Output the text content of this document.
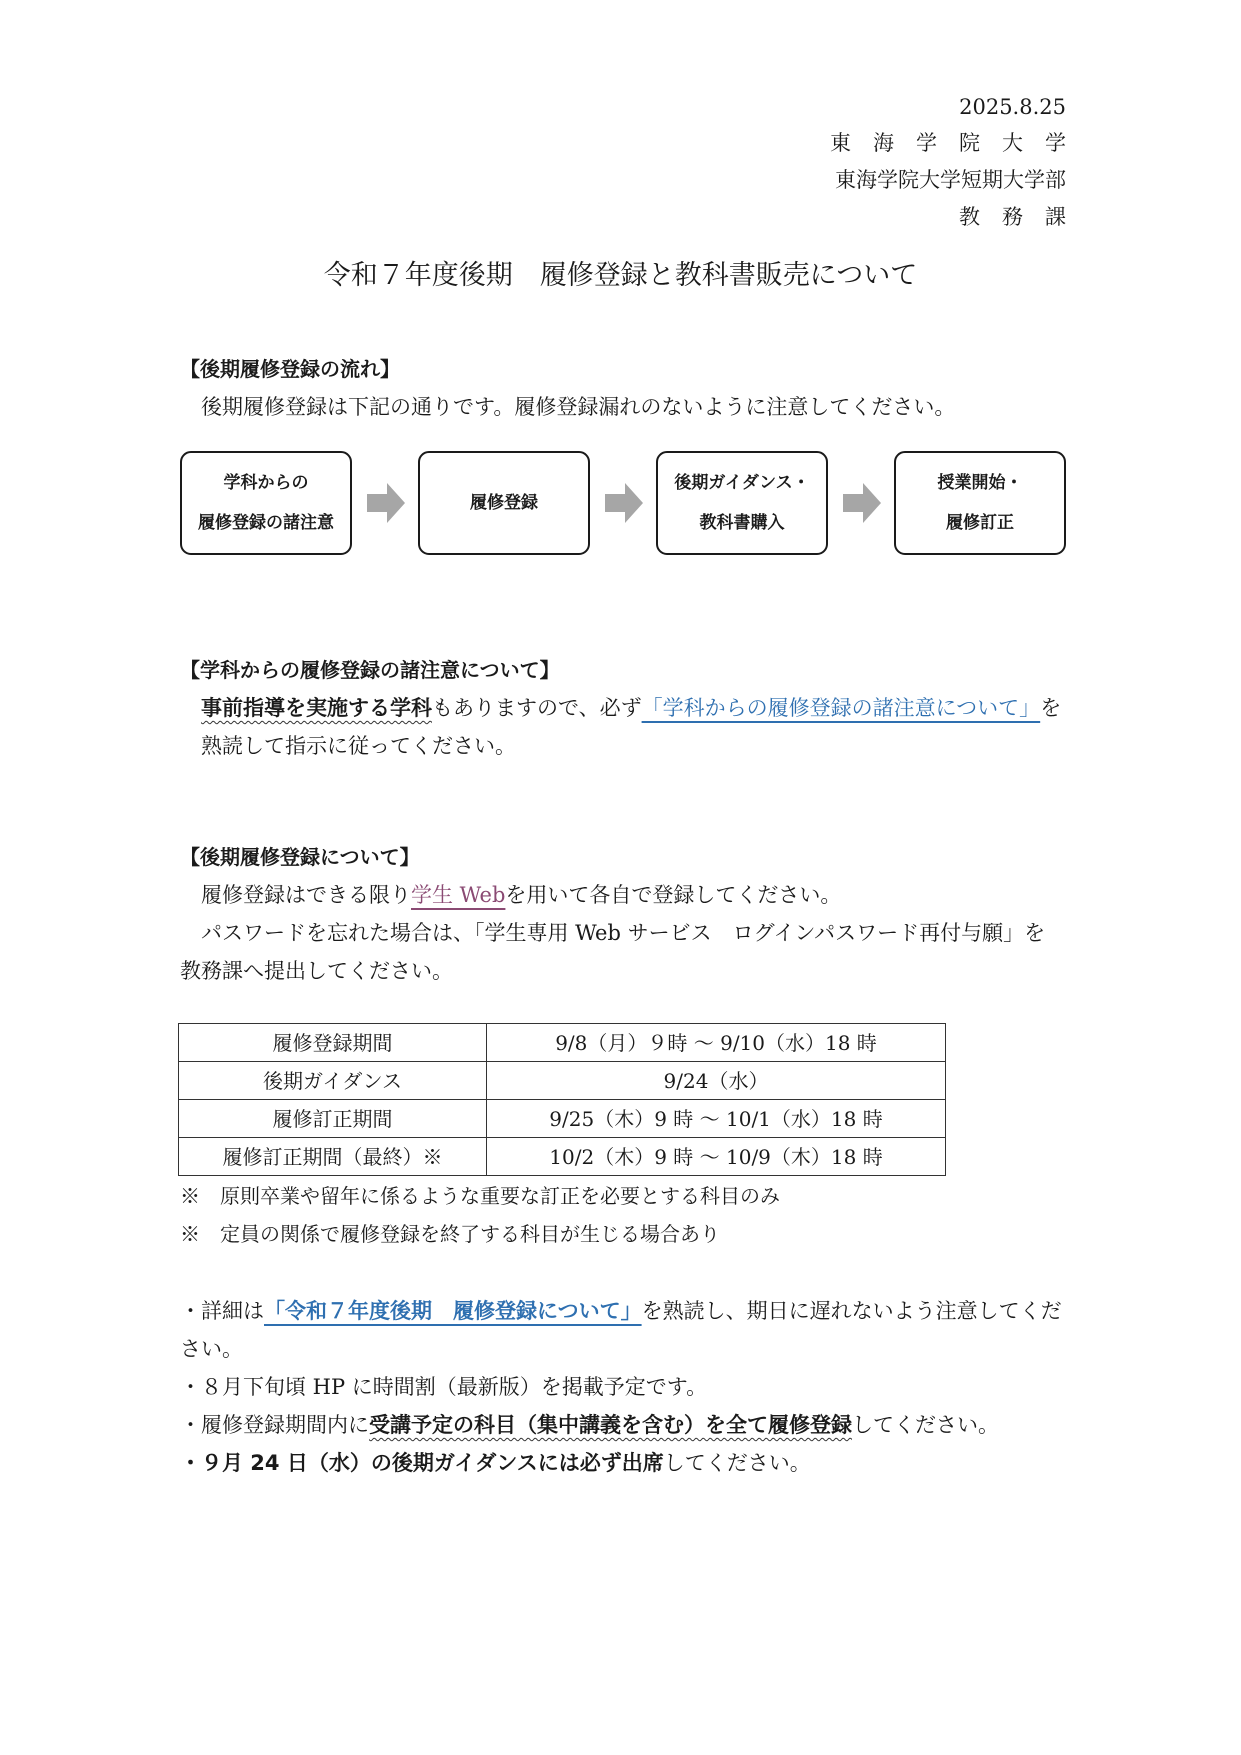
2025.8.25
東海学院大学
東海学院大学短期大学部
教務課
令和７年度後期　履修登録と教科書販売について
【後期履修登録の流れ】
後期履修登録は下記の通りです。履修登録漏れのないように注意してください。
学科からの
履修登録の諸注意
履修登録
後期ガイダンス・
教科書購入
授業開始・
履修訂正
【学科からの履修登録の諸注意について】
事前指導を実施する学科もありますので、必ず「学科からの履修登録の諸注意について」を熟読して指示に従ってください。
【後期履修登録について】
履修登録はできる限り学生 Webを用いて各自で登録してください。
パスワードを忘れた場合は、「学生専用 Web サービス　ログインパスワード再付与願」を教務課へ提出してください。
履修登録期間	9/8（月）９時 ～ 9/10（水）18 時
後期ガイダンス	9/24（水）
履修訂正期間	9/25（木）9 時 ～ 10/1（水）18 時
履修訂正期間（最終）※	10/2（木）9 時 ～ 10/9（木）18 時
※　原則卒業や留年に係るような重要な訂正を必要とする科目のみ
※　定員の関係で履修登録を終了する科目が生じる場合あり
・詳細は「令和７年度後期　履修登録について」を熟読し、期日に遅れないよう注意してください。
・８月下旬頃 HP に時間割（最新版）を掲載予定です。
・履修登録期間内に受講予定の科目（集中講義を含む）を全て履修登録してください。
・９月 24 日（水）の後期ガイダンスには必ず出席してください。
